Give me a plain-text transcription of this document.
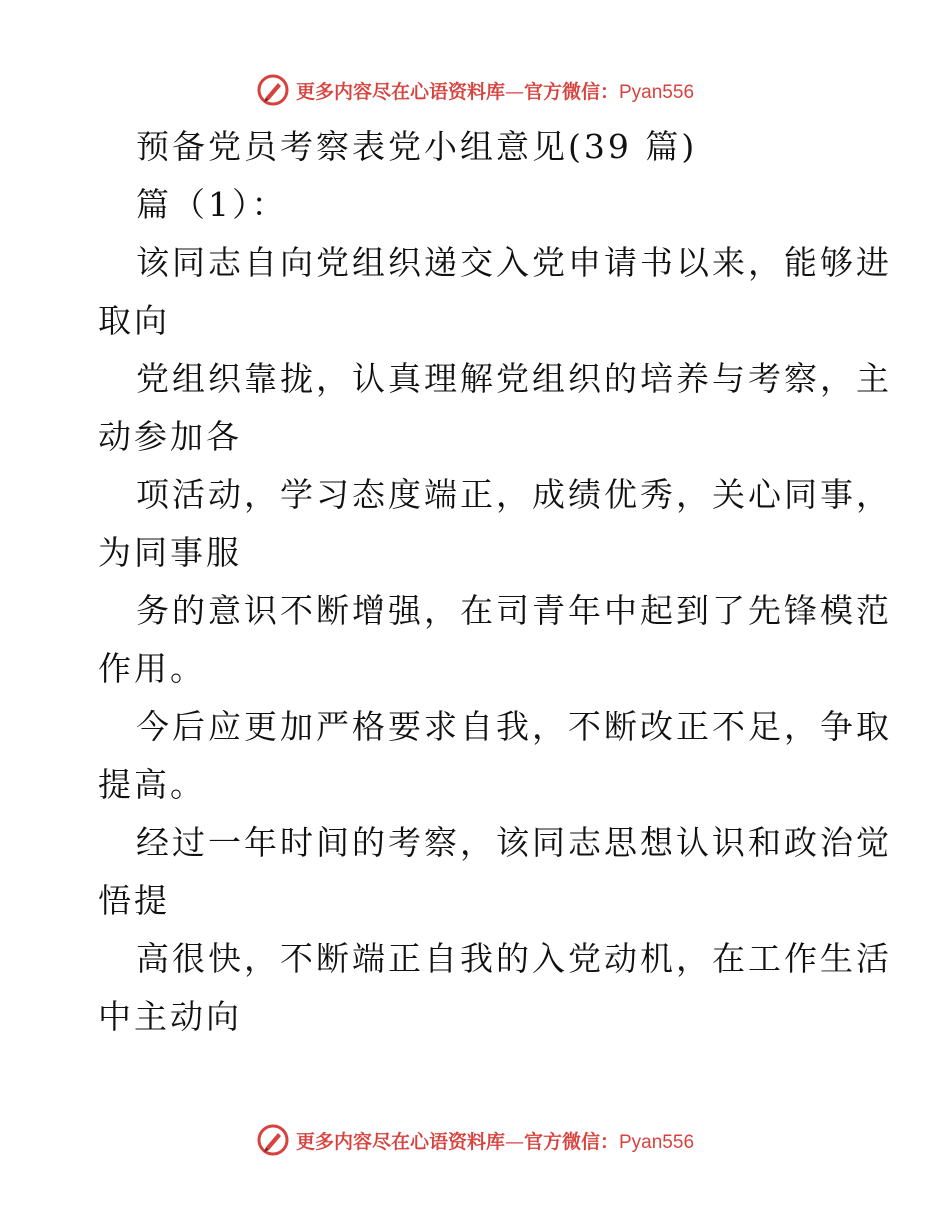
更多内容尽在心语资料库—官方微信：Pyan556
预备党员考察表党小组意见(39 篇)
篇（1）：
该同志自向党组织递交入党申请书以来，能够进
取向
党组织靠拢，认真理解党组织的培养与考察，主
动参加各
项活动，学习态度端正，成绩优秀，关心同事，
为同事服
务的意识不断增强，在司青年中起到了先锋模范
作用。
今后应更加严格要求自我，不断改正不足，争取
提高。
经过一年时间的考察，该同志思想认识和政治觉
悟提
高很快，不断端正自我的入党动机，在工作生活
中主动向
更多内容尽在心语资料库—官方微信：Pyan556
